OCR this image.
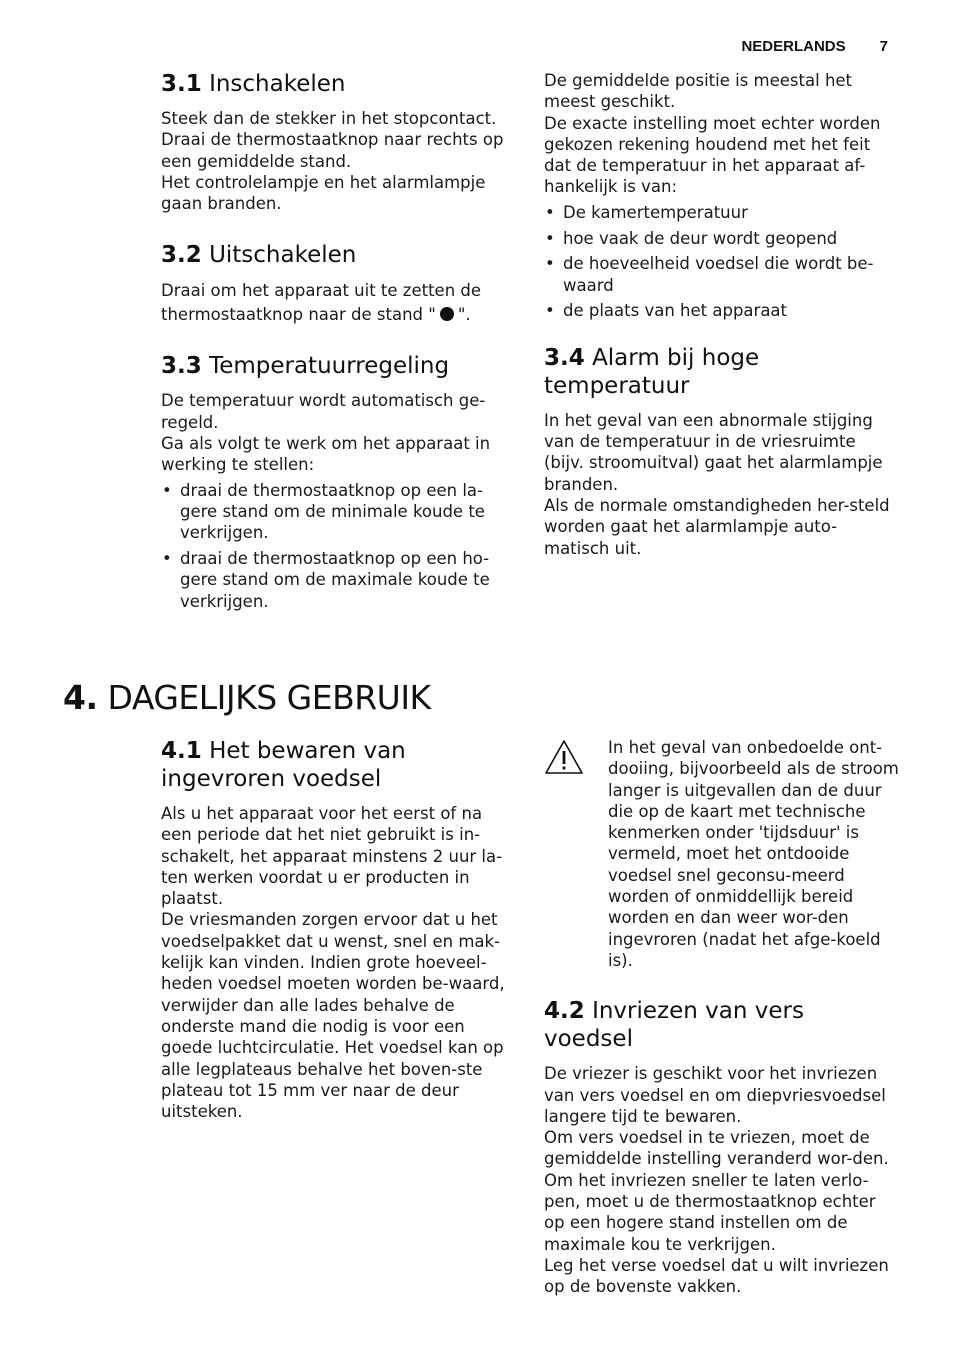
NEDERLANDS 7
3.1 Inschakelen

Steek dan de stekker in het stopcontact. Draai de thermostaatknop naar rechts op een gemiddelde stand.

Het controlelampje en het alarmlampje gaan branden.

3.2 Uitschakelen

Draai om het apparaat uit te zetten de thermostaatknop naar de stand " ".

3.3 Temperatuurregeling

De temperatuur wordt automatisch ge-regeld.

Ga als volgt te werk om het apparaat in werking te stellen:

• draai de thermostaatknop op een la-gere stand om de minimale koude te verkrijgen.
• draai de thermostaatknop op een ho-gere stand om de maximale koude te verkrijgen.

De gemiddelde positie is meestal het meest geschikt.

De exacte instelling moet echter worden gekozen rekening houdend met het feit dat de temperatuur in het apparaat af-hankelijk is van:

• De kamertemperatuur
• hoe vaak de deur wordt geopend
• de hoeveelheid voedsel die wordt be-waard
• de plaats van het apparaat
3.4 Alarm bij hoge temperatuur

In het geval van een abnormale stijging van de temperatuur in de vriesruimte (bijv. stroomuitval) gaat het alarmlampje branden.

Als de normale omstandigheden her-steld worden gaat het alarmlampje auto-matisch uit.

4. DAGELIJKS GEBRUIK
4.1 Het bewaren van ingevroren voedsel

Als u het apparaat voor het eerst of na een periode dat het niet gebruikt is in-schakelt, het apparaat minstens 2 uur la-ten werken voordat u er producten in plaatst.

De vriesmanden zorgen ervoor dat u het voedselpakket dat u wenst, snel en mak-kelijk kan vinden. Indien grote hoeveel-heden voedsel moeten worden be-waard, verwijder dan alle lades behalve de onderste mand die nodig is voor een goede luchtcirculatie. Het voedsel kan op alle legplateaus behalve het boven-ste plateau tot 15 mm ver naar de deur uitsteken.

In het geval van onbedoelde ont-dooiing, bijvoorbeeld als de stroom langer is uitgevallen dan de duur die op de kaart met technische kenmerken onder 'tijdsduur' is vermeld, moet het ontdooide voedsel snel geconsu-meerd worden of onmiddellijk bereid worden en dan weer wor-den ingevroren (nadat het afge-koeld is).

4.2 Invriezen van vers voedsel

De vriezer is geschikt voor het invriezen van vers voedsel en om diepvriesvoedsel langere tijd te bewaren.

Om vers voedsel in te vriezen, moet de gemiddelde instelling veranderd wor-den.

Om het invriezen sneller te laten verlo-pen, moet u de thermostaatknop echter op een hogere stand instellen om de maximale kou te verkrijgen.

Leg het verse voedsel dat u wilt invriezen op de bovenste vakken.
